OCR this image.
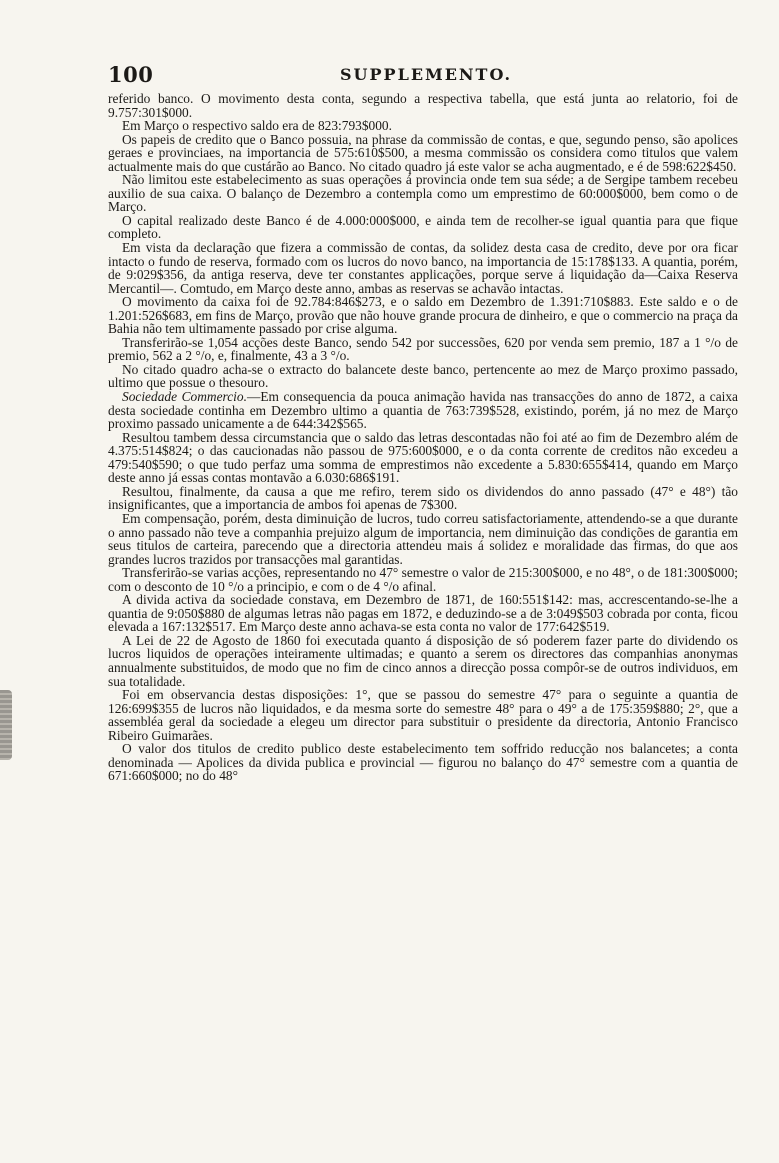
100	SUPPLEMENTO.

referido banco. O movimento desta conta, segundo a respectiva tabella, que está junta ao relatorio, foi de 9.757:301$000.

Em Março o respectivo saldo era de 823:793$000.

Os papeis de credito que o Banco possuia, na phrase da commissão de contas, e que, segundo penso, são apolices geraes e provinciaes, na importancia de 575:610$500, a mesma commissão os considera como titulos que valem actualmente mais do que custárão ao Banco. No citado quadro já este valor se acha augmentado, e é de 598:622$450.

Não limitou este estabelecimento as suas operações á provincia onde tem sua séde; a de Sergipe tambem recebeu auxilio de sua caixa. O balanço de Dezembro a contempla como um emprestimo de 60:000$000, bem como o de Março.

O capital realizado deste Banco é de 4.000:000$000, e ainda tem de recolher-se igual quantia para que fique completo.

Em vista da declaração que fizera a commissão de contas, da solidez desta casa de credito, deve por ora ficar intacto o fundo de reserva, formado com os lucros do novo banco, na importancia de 15:178$133. A quantia, porém, de 9:029$356, da antiga reserva, deve ter constantes applicações, porque serve á liquidação da—Caixa Reserva Mercantil—. Comtudo, em Março deste anno, ambas as reservas se achavão intactas.

O movimento da caixa foi de 92.784:846$273, e o saldo em Dezembro de 1.391:710$883. Este saldo e o de 1.201:526$683, em fins de Março, provão que não houve grande procura de dinheiro, e que o commercio na praça da Bahia não tem ultimamente passado por crise alguma.

Transferirão-se 1,054 acções deste Banco, sendo 542 por successões, 620 por venda sem premio, 187 a 1 °/o de premio, 562 a 2 °/o, e, finalmente, 43 a 3 °/o.

No citado quadro acha-se o extracto do balancete deste banco, pertencente ao mez de Março proximo passado, ultimo que possue o thesouro.

Sociedade Commercio.—Em consequencia da pouca animação havida nas transacções do anno de 1872, a caixa desta sociedade continha em Dezembro ultimo a quantia de 763:739$528, existindo, porém, já no mez de Março proximo passado unicamente a de 644:342$565.

Resultou tambem dessa circumstancia que o saldo das letras descontadas não foi até ao fim de Dezembro além de 4.375:514$824; o das caucionadas não passou de 975:600$000, e o da conta corrente de creditos não excedeu a 479:540$590; o que tudo perfaz uma somma de emprestimos não excedente a 5.830:655$414, quando em Março deste anno já essas contas montavão a 6.030:686$191.

Resultou, finalmente, da causa a que me refiro, terem sido os dividendos do anno passado (47° e 48°) tão insignificantes, que a importancia de ambos foi apenas de 7$300.

Em compensação, porém, desta diminuição de lucros, tudo correu satisfactoriamente, attendendo-se a que durante o anno passado não teve a companhia prejuizo algum de importancia, nem diminuição das condições de garantia em seus titulos de carteira, parecendo que a directoria attendeu mais á solidez e moralidade das firmas, do que aos grandes lucros trazidos por transacções mal garantidas.

Transferirão-se varias acções, representando no 47° semestre o valor de 215:300$000, e no 48°, o de 181:300$000; com o desconto de 10 °/o a principio, e com o de 4 °/o afinal.

A divida activa da sociedade constava, em Dezembro de 1871, de 160:551$142: mas, accrescentando-se-lhe a quantia de 9:050$880 de algumas letras não pagas em 1872, e deduzindo-se a de 3:049$503 cobrada por conta, ficou elevada a 167:132$517. Em Março deste anno achava-se esta conta no valor de 177:642$519.

A Lei de 22 de Agosto de 1860 foi executada quanto á disposição de só poderem fazer parte do dividendo os lucros liquidos de operações inteiramente ultimadas; e quanto a serem os directores das companhias anonymas annualmente substituidos, de modo que no fim de cinco annos a direcção possa compôr-se de outros individuos, em sua totalidade.

Foi em observancia destas disposições: 1°, que se passou do semestre 47° para o seguinte a quantia de 126:699$355 de lucros não liquidados, e da mesma sorte do semestre 48° para o 49° a de 175:359$880; 2°, que a assembléa geral da sociedade a elegeu um director para substituir o presidente da directoria, Antonio Francisco Ribeiro Guimarães.

O valor dos titulos de credito publico deste estabelecimento tem soffrido reducção nos balancetes; a conta denominada — Apolices da divida publica e provincial — figurou no balanço do 47° semestre com a quantia de 671:660$000; no do 48°
